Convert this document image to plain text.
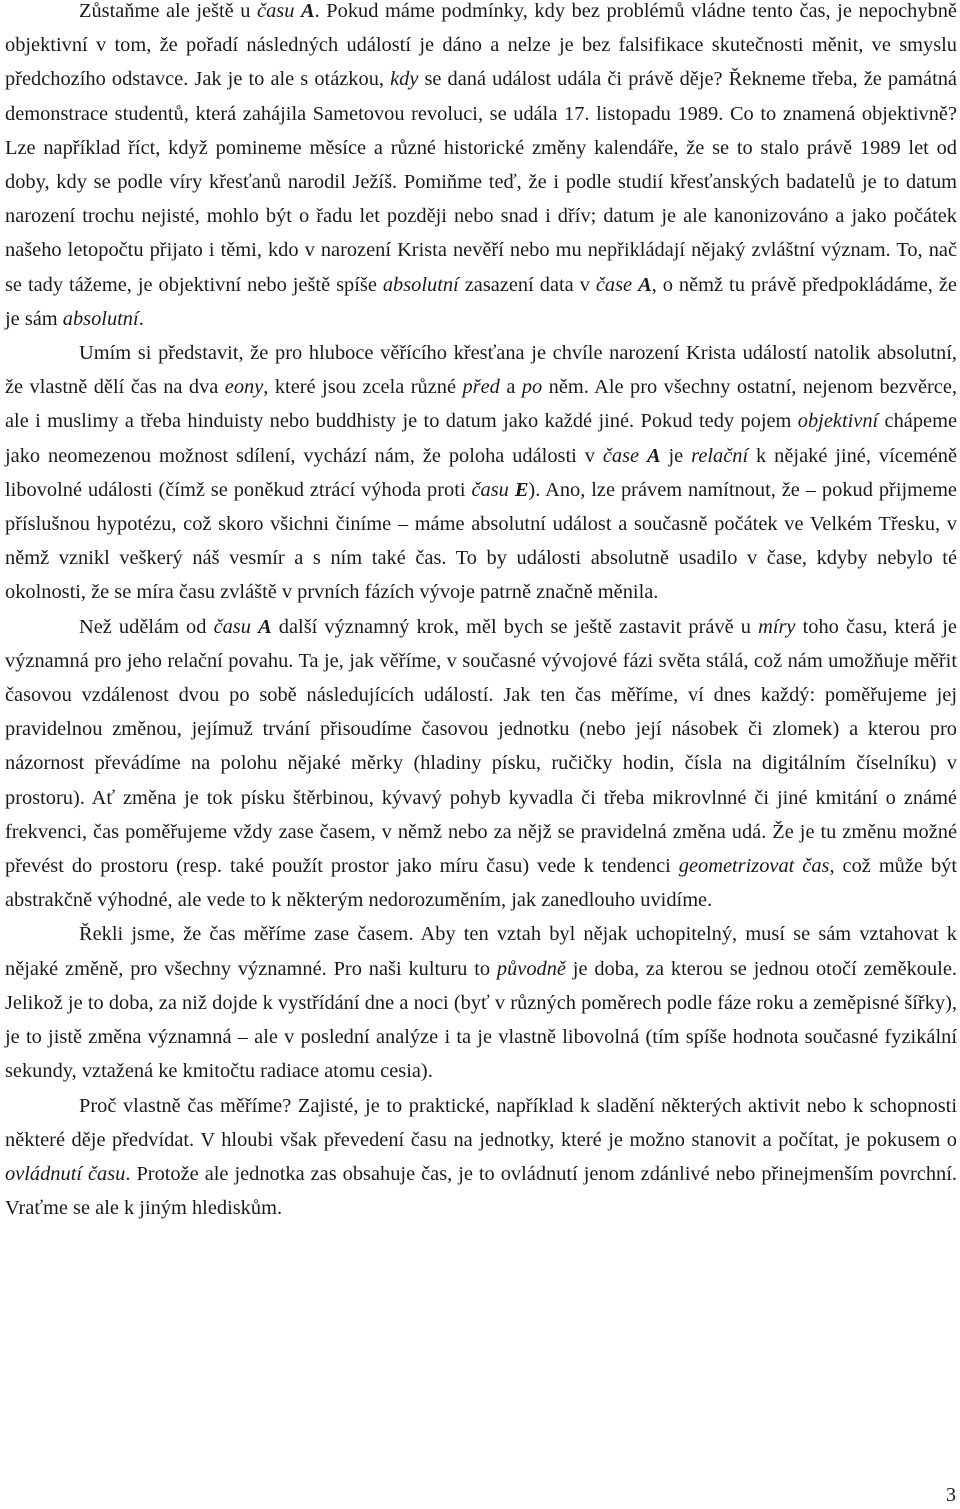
Zůstaňme ale ještě u času A. Pokud máme podmínky, kdy bez problémů vládne tento čas, je nepochybně objektivní v tom, že pořadí následných událostí je dáno a nelze je bez falsifikace skutečnosti měnit, ve smyslu předchozího odstavce. Jak je to ale s otázkou, kdy se daná událost udála či právě děje? Řekneme třeba, že památná demonstrace studentů, která zahájila Sametovou revoluci, se udála 17. listopadu 1989. Co to znamená objektivně? Lze například říct, když pomineme měsíce a různé historické změny kalendáře, že se to stalo právě 1989 let od doby, kdy se podle víry křesťanů narodil Ježíš. Pomiňme teď, že i podle studií křesťanských badatelů je to datum narození trochu nejisté, mohlo být o řadu let později nebo snad i dřív; datum je ale kanonizováno a jako počátek našeho letopočtu přijato i těmi, kdo v narození Krista nevěří nebo mu nepřikládají nějaký zvláštní význam. To, nač se tady tážeme, je objektivní nebo ještě spíše absolutní zasazení data v čase A, o němž tu právě předpokládáme, že je sám absolutní.

Umím si představit, že pro hluboce věřícího křesťana je chvíle narození Krista událostí natolik absolutní, že vlastně dělí čas na dva eony, které jsou zcela různé před a po něm. Ale pro všechny ostatní, nejenom bezvěrce, ale i muslimy a třeba hinduisty nebo buddhisty je to datum jako každé jiné. Pokud tedy pojem objektivní chápeme jako neomezenou možnost sdílení, vychází nám, že poloha události v čase A je relační k nějaké jiné, víceméně libovolné události (čímž se poněkud ztrácí výhoda proti času E). Ano, lze právem namítnout, že – pokud přijmeme příslušnou hypotézu, což skoro všichni činíme – máme absolutní událost a současně počátek ve Velkém Třesku, v němž vznikl veškerý náš vesmír a s ním také čas. To by události absolutně usadilo v čase, kdyby nebylo té okolnosti, že se míra času zvláště v prvních fázích vývoje patrně značně měnila.

Než udělám od času A další významný krok, měl bych se ještě zastavit právě u míry toho času, která je významná pro jeho relační povahu. Ta je, jak věříme, v současné vývojové fázi světa stálá, což nám umožňuje měřit časovou vzdálenost dvou po sobě následujících událostí. Jak ten čas měříme, ví dnes každý: poměřujeme jej pravidelnou změnou, jejímuž trvání přisoudíme časovou jednotku (nebo její násobek či zlomek) a kterou pro názornost převádíme na polohu nějaké měrky (hladiny písku, ručičky hodin, čísla na digitálním číselníku) v prostoru). Ať změna je tok písku štěrbinou, kývavý pohyb kyvadla či třeba mikrovlnné či jiné kmitání o známé frekvenci, čas poměřujeme vždy zase časem, v němž nebo za nějž se pravidelná změna udá. Že je tu změnu možné převést do prostoru (resp. také použít prostor jako míru času) vede k tendenci geometrizovat čas, což může být abstrakčně výhodné, ale vede to k některým nedorozuměním, jak zanedlouho uvidíme.

Řekli jsme, že čas měříme zase časem. Aby ten vztah byl nějak uchopitelný, musí se sám vztahovat k nějaké změně, pro všechny významné. Pro naši kulturu to původně je doba, za kterou se jednou otočí zeměkoule. Jelikož je to doba, za niž dojde k vystřídání dne a noci (byť v různých poměrech podle fáze roku a zeměpisné šířky), je to jistě změna významná – ale v poslední analýze i ta je vlastně libovolná (tím spíše hodnota současné fyzikální sekundy, vztažená ke kmitočtu radiace atomu cesia).

Proč vlastně čas měříme? Zajisté, je to praktické, například k sladění některých aktivit nebo k schopnosti některé děje předvídat. V hloubi však převedení času na jednotky, které je možno stanovit a počítat, je pokusem o ovládnutí času. Protože ale jednotka zas obsahuje čas, je to ovládnutí jenom zdánlivé nebo přinejmenším povrchní. Vraťme se ale k jiným hlediskům.

3
